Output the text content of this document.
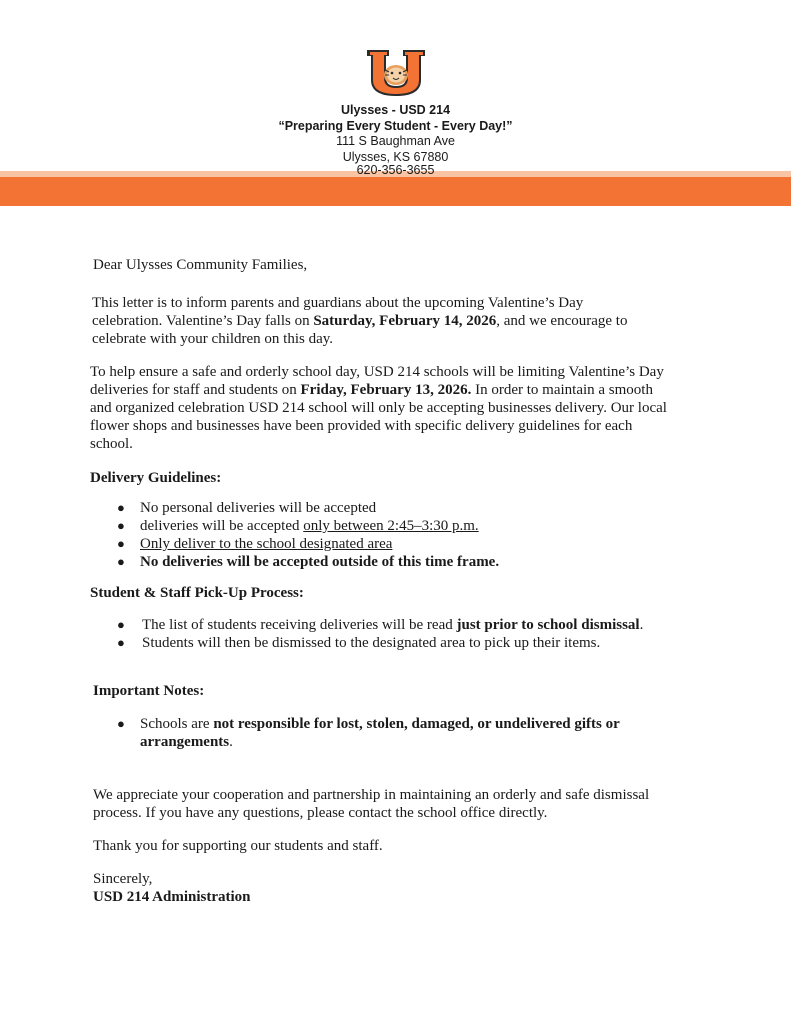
Ulysses - USD 214
“Preparing Every Student - Every Day!”
111 S Baughman Ave
Ulysses, KS 67880
620-356-3655
Dear Ulysses Community Families,
This letter is to inform parents and guardians about the upcoming Valentine’s Day
celebration. Valentine’s Day falls on Saturday, February 14, 2026, and we encourage to
celebrate with your children on this day.
To help ensure a safe and orderly school day, USD 214 schools will be limiting Valentine’s Day
deliveries for staff and students on Friday, February 13, 2026. In order to maintain a smooth
and organized celebration USD 214 school will only be accepting businesses delivery. Our local
flower shops and businesses have been provided with specific delivery guidelines for each
school.
Delivery Guidelines:
● No personal deliveries will be accepted
● deliveries will be accepted only between 2:45–3:30 p.m.
● Only deliver to the school designated area
● No deliveries will be accepted outside of this time frame.
Student & Staff Pick-Up Process:
● The list of students receiving deliveries will be read just prior to school dismissal.
● Students will then be dismissed to the designated area to pick up their items.
Important Notes:
● Schools are not responsible for lost, stolen, damaged, or undelivered gifts or
arrangements.
We appreciate your cooperation and partnership in maintaining an orderly and safe dismissal
process. If you have any questions, please contact the school office directly.
Thank you for supporting our students and staff.
Sincerely,
USD 214 Administration
